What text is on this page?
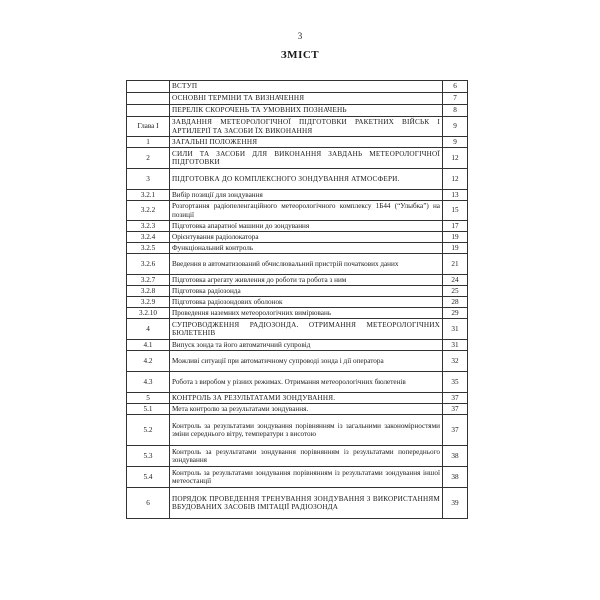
3
ЗМІСТ
	ВСТУП	6
	ОСНОВНІ ТЕРМІНИ ТА ВИЗНАЧЕННЯ	7
	ПЕРЕЛІК СКОРОЧЕНЬ ТА УМОВНИХ ПОЗНАЧЕНЬ	8
Глава І	ЗАВДАННЯ МЕТЕОРОЛОГІЧНОЇ ПІДГОТОВКИ РАКЕТНИХ ВІЙСЬК І АРТИЛЕРІЇ ТА ЗАСОБИ ЇХ ВИКОНАННЯ	9
1	ЗАГАЛЬНІ ПОЛОЖЕННЯ	9
2	СИЛИ ТА ЗАСОБИ ДЛЯ ВИКОНАННЯ ЗАВДАНЬ МЕТЕОРОЛОГІЧНОЇ ПІДГОТОВКИ	12
3	ПІДГОТОВКА ДО КОМПЛЕКСНОГО ЗОНДУВАННЯ АТМОСФЕРИ.	12
3.2.1	Вибір позиції для зондування	13
3.2.2	Розгортання радіопеленгаційного метеорологічного комплексу 1Б44 (“Улыбка”) на позиції	15
3.2.3	Підготовка апаратної машини до зондування	17
3.2.4	Орієнтування радіолокатора	19
3.2.5	Функціональний контроль	19
3.2.6	Введення в автоматизований обчислювальний пристрій початкових даних	21
3.2.7	Підготовка агрегату живлення до роботи та робота з ним	24
3.2.8	Підготовка радіозонда	25
3.2.9	Підготовка радіозондових оболонок	28
3.2.10	Проведення наземних метеорологічних вимірювань	29
4	СУПРОВОДЖЕННЯ РАДІОЗОНДА. ОТРИМАННЯ МЕТЕОРОЛОГІЧНИХ БЮЛЕТЕНІВ	31
4.1	Випуск зонда та його автоматичний супровід	31
4.2	Можливі ситуації при автоматичному супроводі зонда і дії оператора	32
4.3	Робота з виробом у різних режимах. Отримання метеорологічних бюлетенів	35
5	КОНТРОЛЬ ЗА РЕЗУЛЬТАТАМИ ЗОНДУВАННЯ.	37
5.1	Мета контролю за результатами зондування.	37
5.2	Контроль за результатами зондування порівнянням із загальними закономірностями зміни середнього вітру, температури з висотою	37
5.3	Контроль за результатами зондування порівнянням із результатами попереднього зондування	38
5.4	Контроль за результатами зондування порівнянням із результатами зондування іншої метеостанції	38
6	ПОРЯДОК ПРОВЕДЕННЯ ТРЕНУВАННЯ ЗОНДУВАННЯ З ВИКОРИСТАННЯМ ВБУДОВАНИХ ЗАСОБІВ ІМІТАЦІЇ РАДІОЗОНДА	39
